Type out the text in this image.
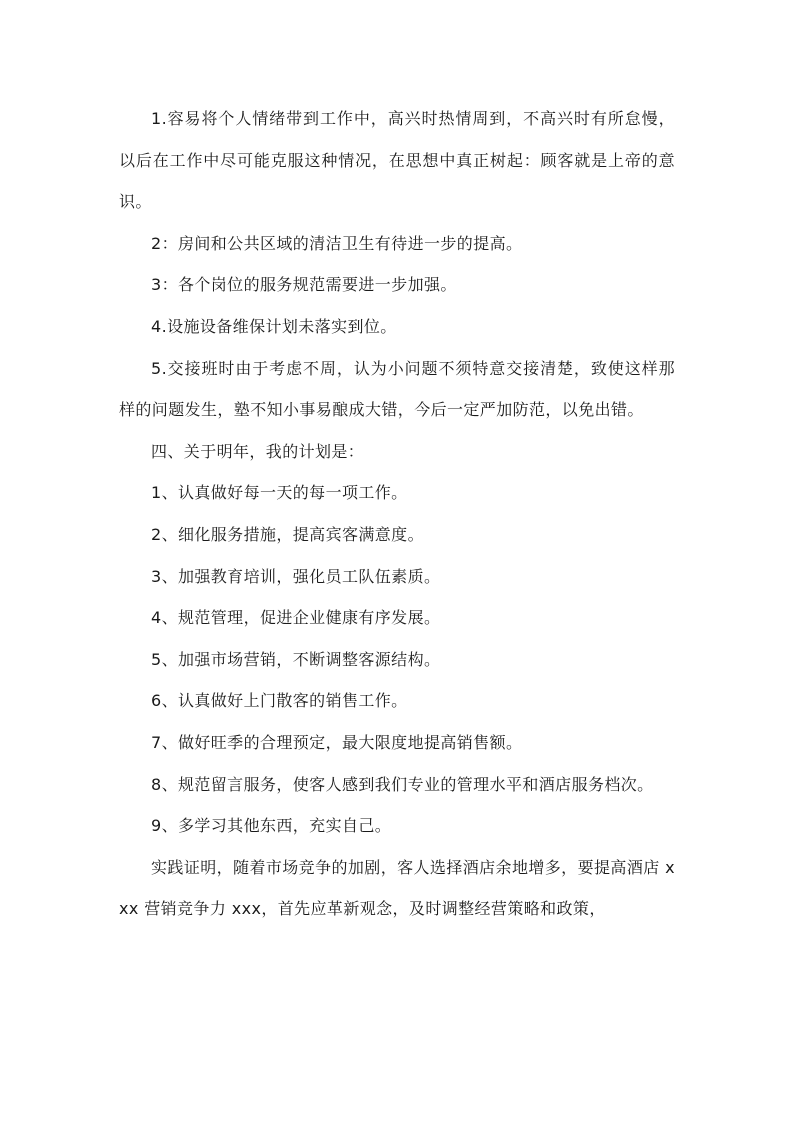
1.容易将个人情绪带到工作中，高兴时热情周到，不高兴时有所怠慢，以后在工作中尽可能克服这种情况，在思想中真正树起：顾客就是上帝的意识。

2：房间和公共区域的清洁卫生有待进一步的提高。

3：各个岗位的服务规范需要进一步加强。

4.设施设备维保计划未落实到位。

5.交接班时由于考虑不周，认为小问题不须特意交接清楚，致使这样那样的问题发生，塾不知小事易酿成大错，今后一定严加防范，以免出错。

四、关于明年，我的计划是：

1、认真做好每一天的每一项工作。

2、细化服务措施，提高宾客满意度。

3、加强教育培训，强化员工队伍素质。

4、规范管理，促进企业健康有序发展。

5、加强市场营销，不断调整客源结构。

6、认真做好上门散客的销售工作。

7、做好旺季的合理预定，最大限度地提高销售额。

8、规范留言服务，使客人感到我们专业的管理水平和酒店服务档次。

9、多学习其他东西，充实自己。

实践证明，随着市场竞争的加剧，客人选择酒店余地增多，要提高酒店 xxx 营销竞争力 xxx，首先应革新观念，及时调整经营策略和政策，
